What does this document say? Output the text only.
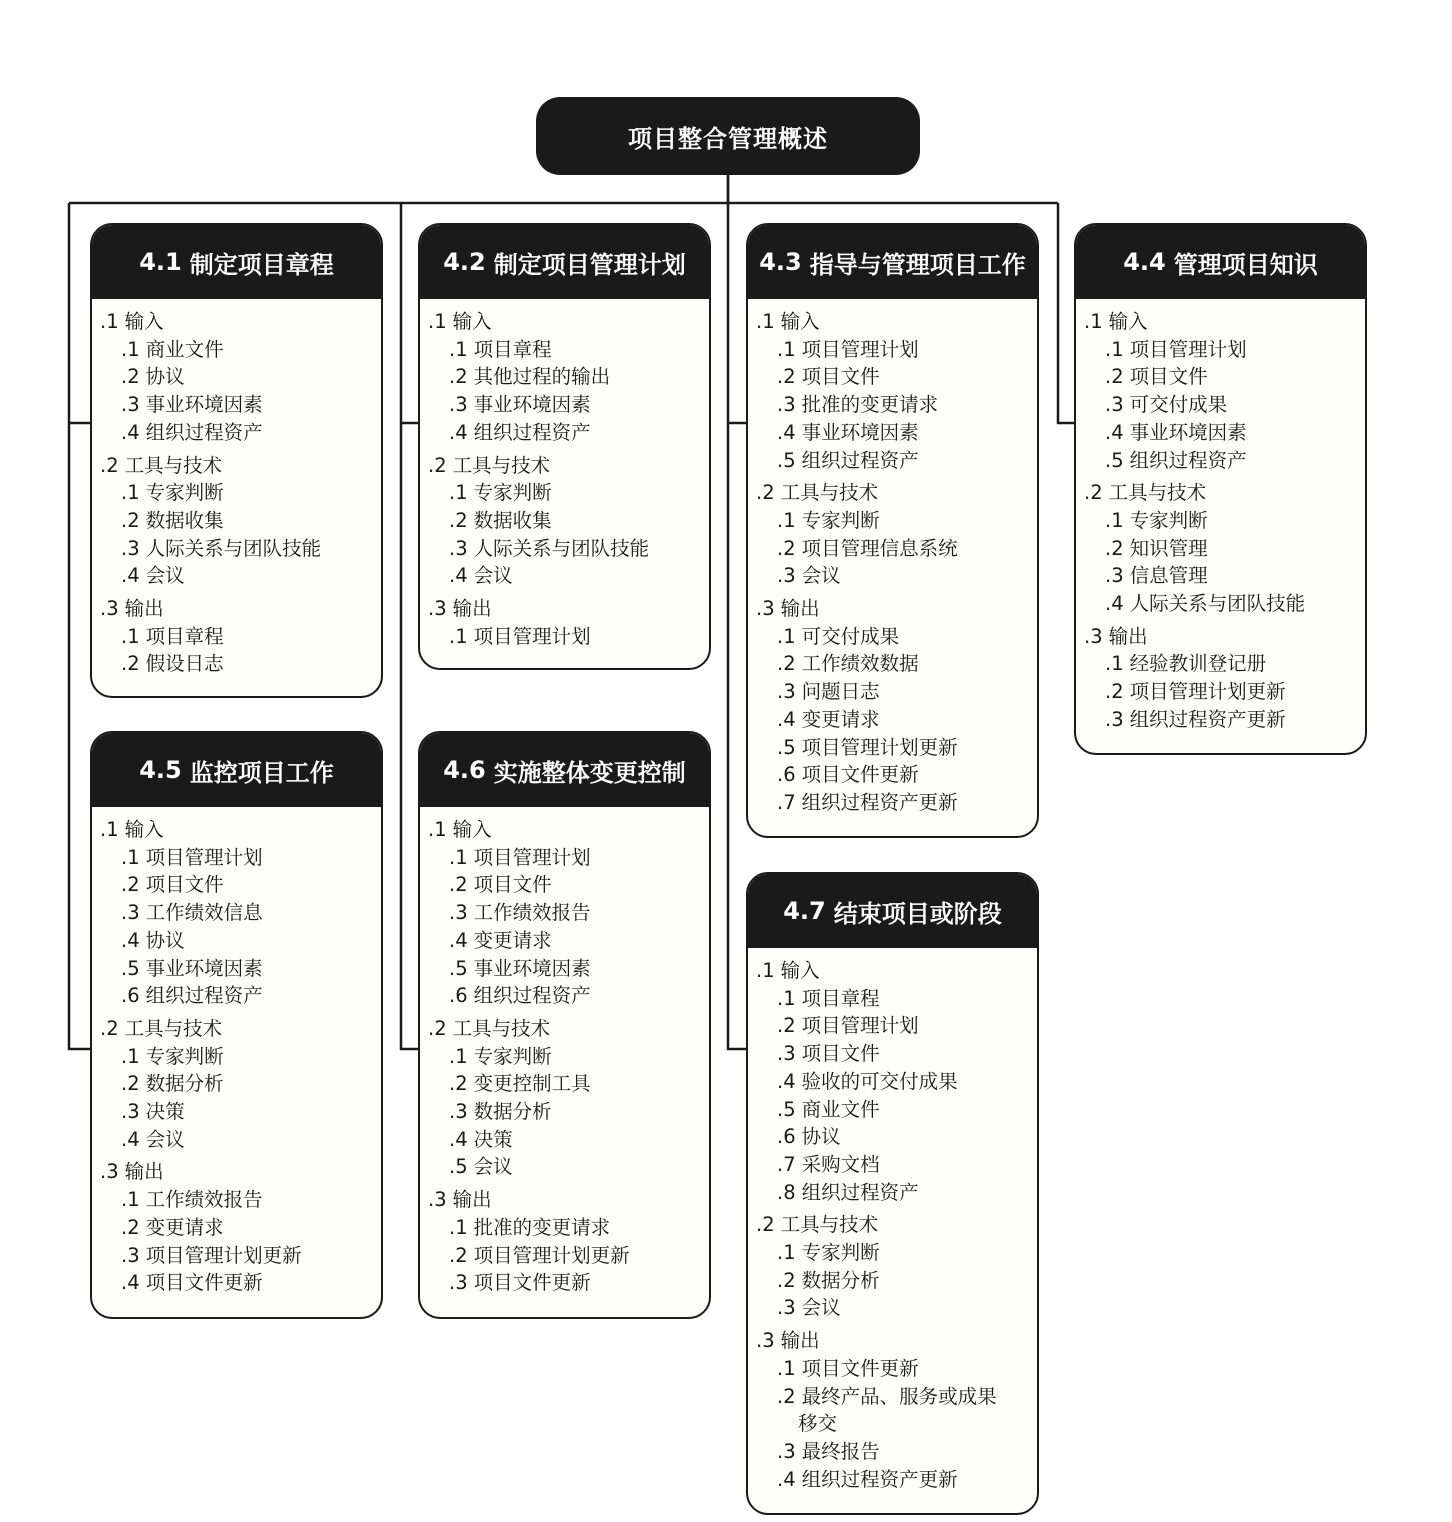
项目整合管理概述
4.1 制定项目章程
.1 输入
.1 商业文件
.2 协议
.3 事业环境因素
.4 组织过程资产
.2 工具与技术
.1 专家判断
.2 数据收集
.3 人际关系与团队技能
.4 会议
.3 输出
.1 项目章程
.2 假设日志
4.2 制定项目管理计划
.1 输入
.1 项目章程
.2 其他过程的输出
.3 事业环境因素
.4 组织过程资产
.2 工具与技术
.1 专家判断
.2 数据收集
.3 人际关系与团队技能
.4 会议
.3 输出
.1 项目管理计划
4.3 指导与管理项目工作
.1 输入
.1 项目管理计划
.2 项目文件
.3 批准的变更请求
.4 事业环境因素
.5 组织过程资产
.2 工具与技术
.1 专家判断
.2 项目管理信息系统
.3 会议
.3 输出
.1 可交付成果
.2 工作绩效数据
.3 问题日志
.4 变更请求
.5 项目管理计划更新
.6 项目文件更新
.7 组织过程资产更新
4.4 管理项目知识
.1 输入
.1 项目管理计划
.2 项目文件
.3 可交付成果
.4 事业环境因素
.5 组织过程资产
.2 工具与技术
.1 专家判断
.2 知识管理
.3 信息管理
.4 人际关系与团队技能
.3 输出
.1 经验教训登记册
.2 项目管理计划更新
.3 组织过程资产更新
4.5 监控项目工作
.1 输入
.1 项目管理计划
.2 项目文件
.3 工作绩效信息
.4 协议
.5 事业环境因素
.6 组织过程资产
.2 工具与技术
.1 专家判断
.2 数据分析
.3 决策
.4 会议
.3 输出
.1 工作绩效报告
.2 变更请求
.3 项目管理计划更新
.4 项目文件更新
4.6 实施整体变更控制
.1 输入
.1 项目管理计划
.2 项目文件
.3 工作绩效报告
.4 变更请求
.5 事业环境因素
.6 组织过程资产
.2 工具与技术
.1 专家判断
.2 变更控制工具
.3 数据分析
.4 决策
.5 会议
.3 输出
.1 批准的变更请求
.2 项目管理计划更新
.3 项目文件更新
4.7 结束项目或阶段
.1 输入
.1 项目章程
.2 项目管理计划
.3 项目文件
.4 验收的可交付成果
.5 商业文件
.6 协议
.7 采购文档
.8 组织过程资产
.2 工具与技术
.1 专家判断
.2 数据分析
.3 会议
.3 输出
.1 项目文件更新
.2 最终产品、服务或成果
移交
.3 最终报告
.4 组织过程资产更新
